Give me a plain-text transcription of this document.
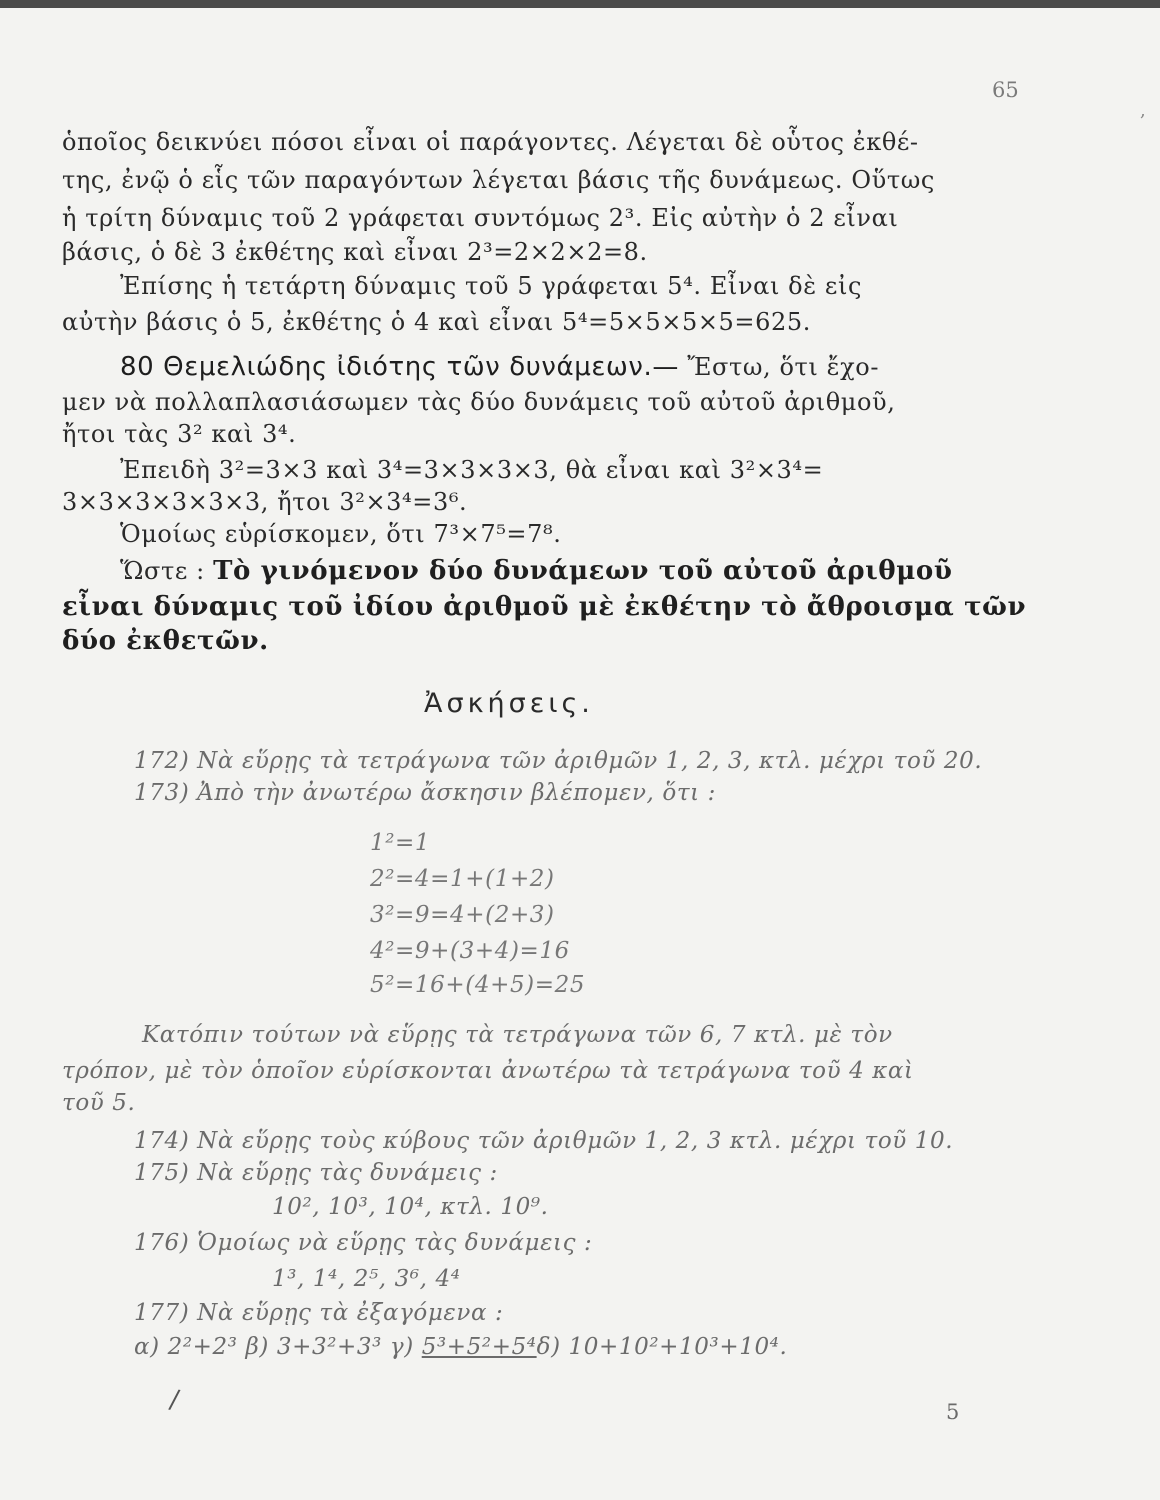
65
,
ὁποῖος δεικνύει πόσοι εἶναι οἱ παράγοντες. Λέγεται δὲ οὗτος ἐκθέ-
της, ἐνῷ ὁ εἷς τῶν παραγόντων λέγεται βάσις τῆς δυνάμεως. Οὕτως
ἡ τρίτη δύναμις τοῦ 2 γράφεται συντόμως 2³. Εἰς αὐτὴν ὁ 2 εἶναι
βάσις, ὁ δὲ 3 ἐκθέτης καὶ εἶναι 2³=2×2×2=8.
Ἐπίσης ἡ τετάρτη δύναμις τοῦ 5 γράφεται 5⁴. Εἶναι δὲ εἰς
αὐτὴν βάσις ὁ 5, ἐκθέτης ὁ 4 καὶ εἶναι 5⁴=5×5×5×5=625.
80 Θεμελιώδης ἰδιότης τῶν δυνάμεων.— Ἔστω, ὅτι ἔχο-
μεν νὰ πολλαπλασιάσωμεν τὰς δύο δυνάμεις τοῦ αὐτοῦ ἀριθμοῦ,
ἤτοι τὰς 3² καὶ 3⁴.
Ἐπειδὴ 3²=3×3 καὶ 3⁴=3×3×3×3, θὰ εἶναι καὶ 3²×3⁴=
3×3×3×3×3×3, ἤτοι 3²×3⁴=3⁶.
Ὁμοίως εὑρίσκομεν, ὅτι 7³×7⁵=7⁸.
Ὥστε : Τὸ γινόμενον δύο δυνάμεων τοῦ αὐτοῦ ἀριθμοῦ
εἶναι δύναμις τοῦ ἰδίου ἀριθμοῦ μὲ ἐκθέτην τὸ ἄθροισμα τῶν
δύο ἐκθετῶν.
Ἀσκήσεις.
172) Νὰ εὕρῃς τὰ τετράγωνα τῶν ἀριθμῶν 1, 2, 3, κτλ. μέχρι τοῦ 20.
173) Ἀπὸ τὴν ἀνωτέρω ἄσκησιν βλέπομεν, ὅτι :
1²=1
2²=4=1+(1+2)
3²=9=4+(2+3)
4²=9+(3+4)=16
5²=16+(4+5)=25
Κατόπιν τούτων νὰ εὕρῃς τὰ τετράγωνα τῶν 6, 7 κτλ. μὲ τὸν
τρόπον, μὲ τὸν ὁποῖον εὑρίσκονται ἀνωτέρω τὰ τετράγωνα τοῦ 4 καὶ
τοῦ 5.
174) Νὰ εὕρῃς τοὺς κύβους τῶν ἀριθμῶν 1, 2, 3 κτλ. μέχρι τοῦ 10.
175) Νὰ εὕρῃς τὰς δυνάμεις :
10², 10³, 10⁴, κτλ. 10⁹.
176) Ὁμοίως νὰ εὕρῃς τὰς δυνάμεις :
1³, 1⁴, 2⁵, 3⁶, 4⁴
177) Νὰ εὕρῃς τὰ ἐξαγόμενα :
α) 2²+2³ β) 3+3²+3³ γ) 5³+5²+5⁴δ) 10+10²+10³+10⁴.
/	5
